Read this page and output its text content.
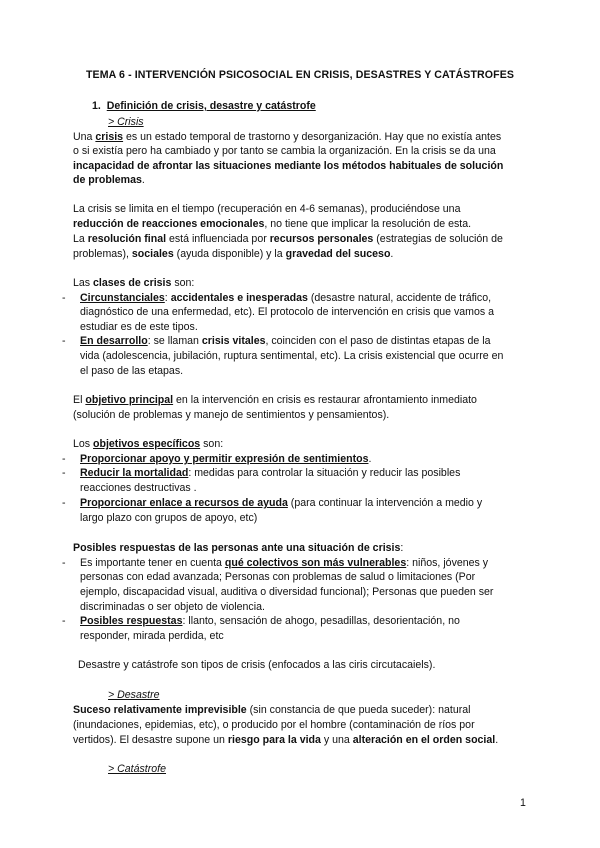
TEMA 6 - INTERVENCIÓN PSICOSOCIAL EN CRISIS, DESASTRES Y CATÁSTROFES
1. Definición de crisis, desastre y catástrofe
> Crisis
Una crisis es un estado temporal de trastorno y desorganización. Hay que no existía antes
o si existía pero ha cambiado y por tanto se cambia la organización. En la crisis se da una
incapacidad de afrontar las situaciones mediante los métodos habituales de solución
de problemas.
La crisis se limita en el tiempo (recuperación en 4-6 semanas), produciéndose una
reducción de reacciones emocionales, no tiene que implicar la resolución de esta.
La resolución final está influenciada por recursos personales (estrategias de solución de
problemas), sociales (ayuda disponible) y la gravedad del suceso.
Las clases de crisis son:
- Circunstanciales: accidentales e inesperadas (desastre natural, accidente de tráfico,
diagnóstico de una enfermedad, etc). El protocolo de intervención en crisis que vamos a
estudiar es de este tipos.
- En desarrollo: se llaman crisis vitales, coinciden con el paso de distintas etapas de la
vida (adolescencia, jubilación, ruptura sentimental, etc). La crisis existencial que ocurre en
el paso de las etapas.
El objetivo principal en la intervención en crisis es restaurar afrontamiento inmediato
(solución de problemas y manejo de sentimientos y pensamientos).
Los objetivos específicos son:
- Proporcionar apoyo y permitir expresión de sentimientos.
- Reducir la mortalidad: medidas para controlar la situación y reducir las posibles
reacciones destructivas .
- Proporcionar enlace a recursos de ayuda (para continuar la intervención a medio y
largo plazo con grupos de apoyo, etc)
Posibles respuestas de las personas ante una situación de crisis:
- Es importante tener en cuenta qué colectivos son más vulnerables: niños, jóvenes y
personas con edad avanzada; Personas con problemas de salud o limitaciones (Por
ejemplo, discapacidad visual, auditiva o diversidad funcional); Personas que pueden ser
discriminadas o ser objeto de violencia.
- Posibles respuestas: llanto, sensación de ahogo, pesadillas, desorientación, no
responder, mirada perdida, etc
Desastre y catástrofe son tipos de crisis (enfocados a las ciris circutacaiels).
> Desastre
Suceso relativamente imprevisible (sin constancia de que pueda suceder): natural
(inundaciones, epidemias, etc), o producido por el hombre (contaminación de ríos por
vertidos). El desastre supone un riesgo para la vida y una alteración en el orden social.
> Catástrofe
1
